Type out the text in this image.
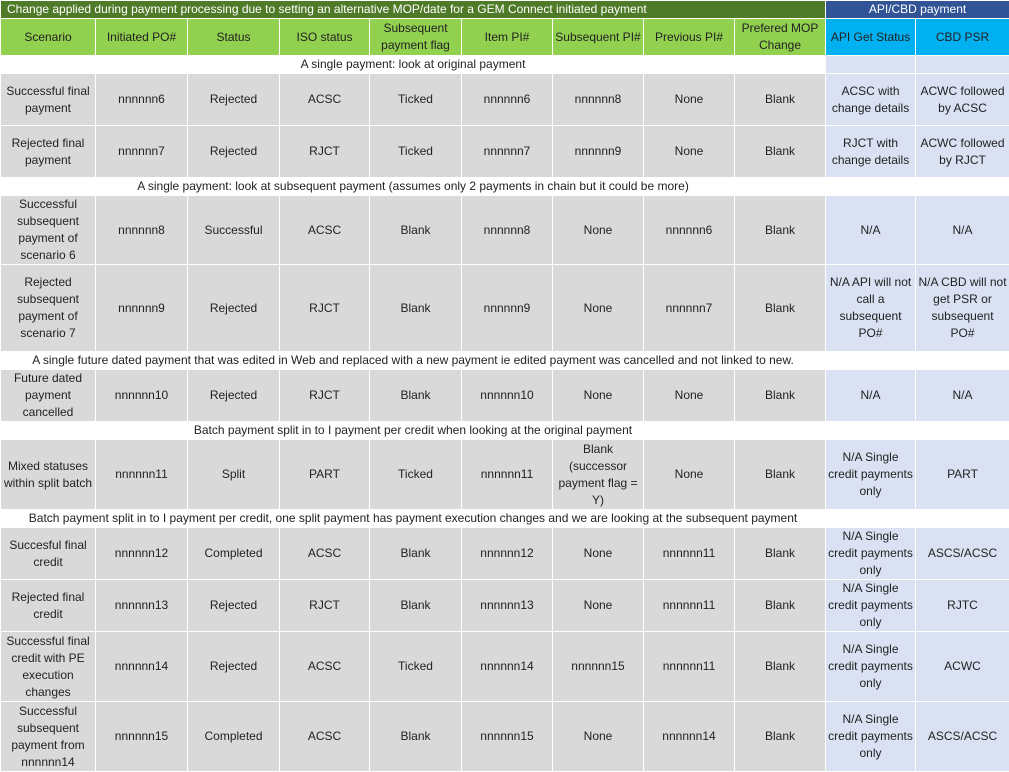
Change applied during payment processing due to setting an alternative MOP/date for a GEM Connect initiated payment									API/CBD payment	
Scenario	Initiated PO#	Status	ISO status	Subsequent payment flag	Item PI#	Subsequent PI#	Previous PI#	Prefered MOP Change	API Get Status	CBD PSR
A single payment: look at original payment										
Successful final payment	nnnnnn6	Rejected	ACSC	Ticked	nnnnnn6	nnnnnn8	None	Blank	ACSC with change details	ACWC followed by ACSC
Rejected final payment	nnnnnn7	Rejected	RJCT	Ticked	nnnnnn7	nnnnnn9	None	Blank	RJCT with change details	ACWC followed by RJCT
A single payment: look at subsequent payment (assumes only 2 payments in chain but it could be more)										
Successful subsequent payment of scenario 6	nnnnnn8	Successful	ACSC	Blank	nnnnnn8	None	nnnnnn6	Blank	N/A	N/A
Rejected subsequent payment of scenario 7	nnnnnn9	Rejected	RJCT	Blank	nnnnnn9	None	nnnnnn7	Blank	N/A API will not call a subsequent PO#	N/A CBD will not get PSR or subsequent PO#
A single future dated payment that was edited in Web and replaced with a new payment ie edited payment was cancelled and not linked to new.										
Future dated payment cancelled	nnnnnn10	Rejected	RJCT	Blank	nnnnnn10	None	None	Blank	N/A	N/A
Batch payment split in to I payment per credit when looking at the original payment										
Mixed statuses within split batch	nnnnnn11	Split	PART	Ticked	nnnnnn11	Blank (successor payment flag = Y)	None	Blank	N/A Single credit payments only	PART
Batch payment split in to I payment per credit, one split payment has payment execution changes and we are looking at the subsequent payment										
Succesful final credit	nnnnnn12	Completed	ACSC	Blank	nnnnnn12	None	nnnnnn11	Blank	N/A Single credit payments only	ASCS/ACSC
Rejected final credit	nnnnnn13	Rejected	RJCT	Blank	nnnnnn13	None	nnnnnn11	Blank	N/A Single credit payments only	RJTC
Successful final credit with PE execution changes	nnnnnn14	Rejected	ACSC	Ticked	nnnnnn14	nnnnnn15	nnnnnn11	Blank	N/A Single credit payments only	ACWC
Successful subsequent payment from nnnnnn14	nnnnnn15	Completed	ACSC	Blank	nnnnnn15	None	nnnnnn14	Blank	N/A Single credit payments only	ASCS/ACSC
